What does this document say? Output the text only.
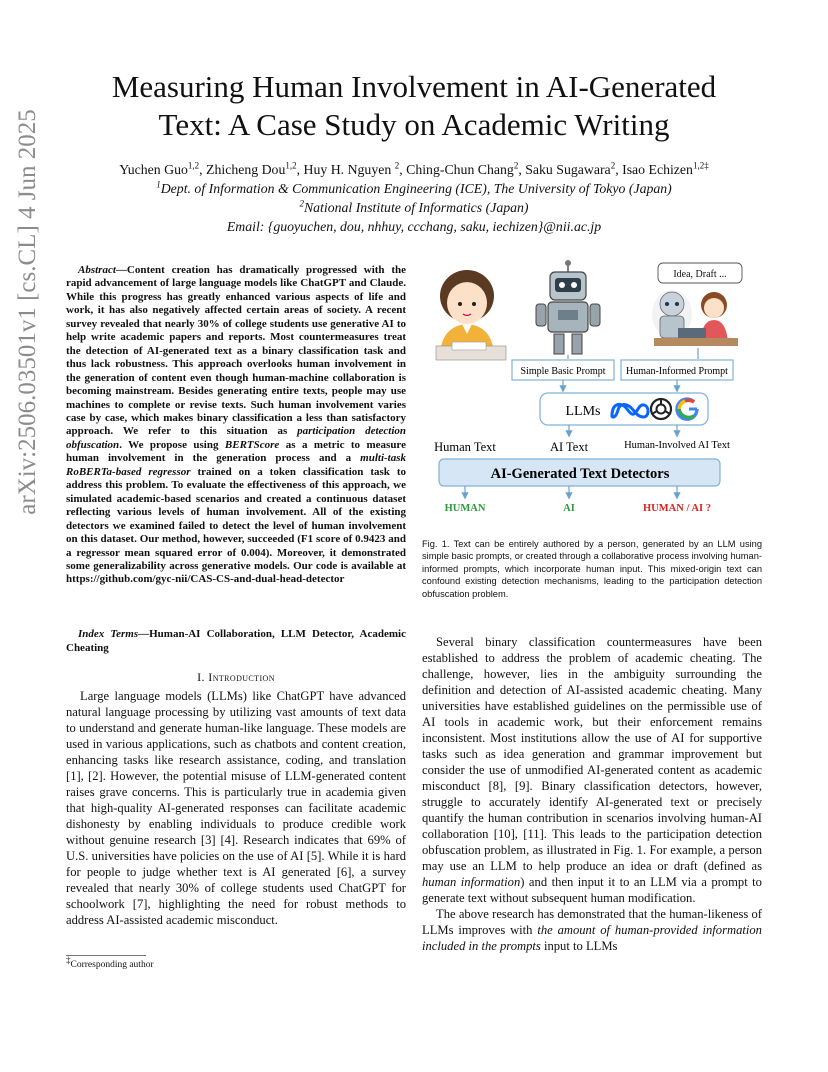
arXiv:2506.03501v1 [cs.CL] 4 Jun 2025
Measuring Human Involvement in AI-Generated
Text: A Case Study on Academic Writing
Yuchen Guo$^{1,2}$, Zhicheng Dou$^{1,2}$, Huy H. Nguyen $^2$, Ching-Chun Chang$^2$, Saku Sugawara$^2$, Isao Echizen$^{1,2\ddagger}$
$^1$Dept. of Information & Communication Engineering (ICE), The University of Tokyo (Japan)
$^2$National Institute of Informatics (Japan)
Email: {guoyuchen, dou, nhhuy, ccchang, saku, iechizen}@nii.ac.jp
Abstract—Content creation has dramatically progressed with the rapid advancement of large language models like ChatGPT and Claude. While this progress has greatly enhanced various aspects of life and work, it has also negatively affected certain areas of society. A recent survey revealed that nearly 30% of college students use generative AI to help write academic papers and reports. Most countermeasures treat the detection of AI-generated text as a binary classification task and thus lack robustness. This approach overlooks human involvement in the generation of content even though human-machine collaboration is becoming mainstream. Besides generating entire texts, people may use machines to complete or revise texts. Such human involvement varies case by case, which makes binary classification a less than satisfactory approach. We refer to this situation as participation detection obfuscation. We propose using BERTScore as a metric to measure human involvement in the generation process and a multi-task RoBERTa-based regressor trained on a token classification task to address this problem. To evaluate the effectiveness of this approach, we simulated academic-based scenarios and created a continuous dataset reflecting various levels of human involvement. All of the existing detectors we examined failed to detect the level of human involvement on this dataset. Our method, however, succeeded (F1 score of 0.9423 and a regressor mean squared error of 0.004). Moreover, it demonstrated some generalizability across generative models. Our code is available at https://github.com/gyc-nii/CAS-CS-and-dual-head-detector
Index Terms—Human-AI Collaboration, LLM Detector, Academic Cheating
I. Introduction

Large language models (LLMs) like ChatGPT have advanced natural language processing by utilizing vast amounts of text data to understand and generate human-like language. These models are used in various applications, such as chatbots and content creation, enhancing tasks like research assistance, coding, and translation [1], [2]. However, the potential misuse of LLM-generated content raises grave concerns. This is particularly true in academia given that high-quality AI-generated responses can facilitate academic dishonesty by enabling individuals to produce credible work without genuine research [3] [4]. Research indicates that 69% of U.S. universities have policies on the use of AI [5]. While it is hard for people to judge whether text is AI generated [6], a survey revealed that nearly 30% of college students used ChatGPT for schoolwork [7], highlighting the need for robust methods to address AI-assisted academic misconduct.

‡Corresponding author
Idea, Draft ...
Simple Basic Prompt Human-Informed Prompt
LLMs
Human Text	AI Text	Human-Involved AI Text
AI-Generated Text Detectors
HUMAN	AI	HUMAN / AI ?
Fig. 1. Text can be entirely authored by a person, generated by an LLM using simple basic prompts, or created through a collaborative process involving human-informed prompts, which incorporate human input. This mixed-origin text can confound existing detection mechanisms, leading to the participation detection obfuscation problem.

Several binary classification countermeasures have been established to address the problem of academic cheating. The challenge, however, lies in the ambiguity surrounding the definition and detection of AI-assisted academic cheating. Many universities have established guidelines on the permissible use of AI tools in academic work, but their enforcement remains inconsistent. Most institutions allow the use of AI for supportive tasks such as idea generation and grammar improvement but consider the use of unmodified AI-generated content as academic misconduct [8], [9]. Binary classification detectors, however, struggle to accurately identify AI-generated text or precisely quantify the human contribution in scenarios involving human-AI collaboration [10], [11]. This leads to the participation detection obfuscation problem, as illustrated in Fig. 1. For example, a person may use an LLM to help produce an idea or draft (defined as human information) and then input it to an LLM via a prompt to generate text without subsequent human modification.

The above research has demonstrated that the human-likeness of LLMs improves with the amount of human-provided information included in the prompts input to LLMs
